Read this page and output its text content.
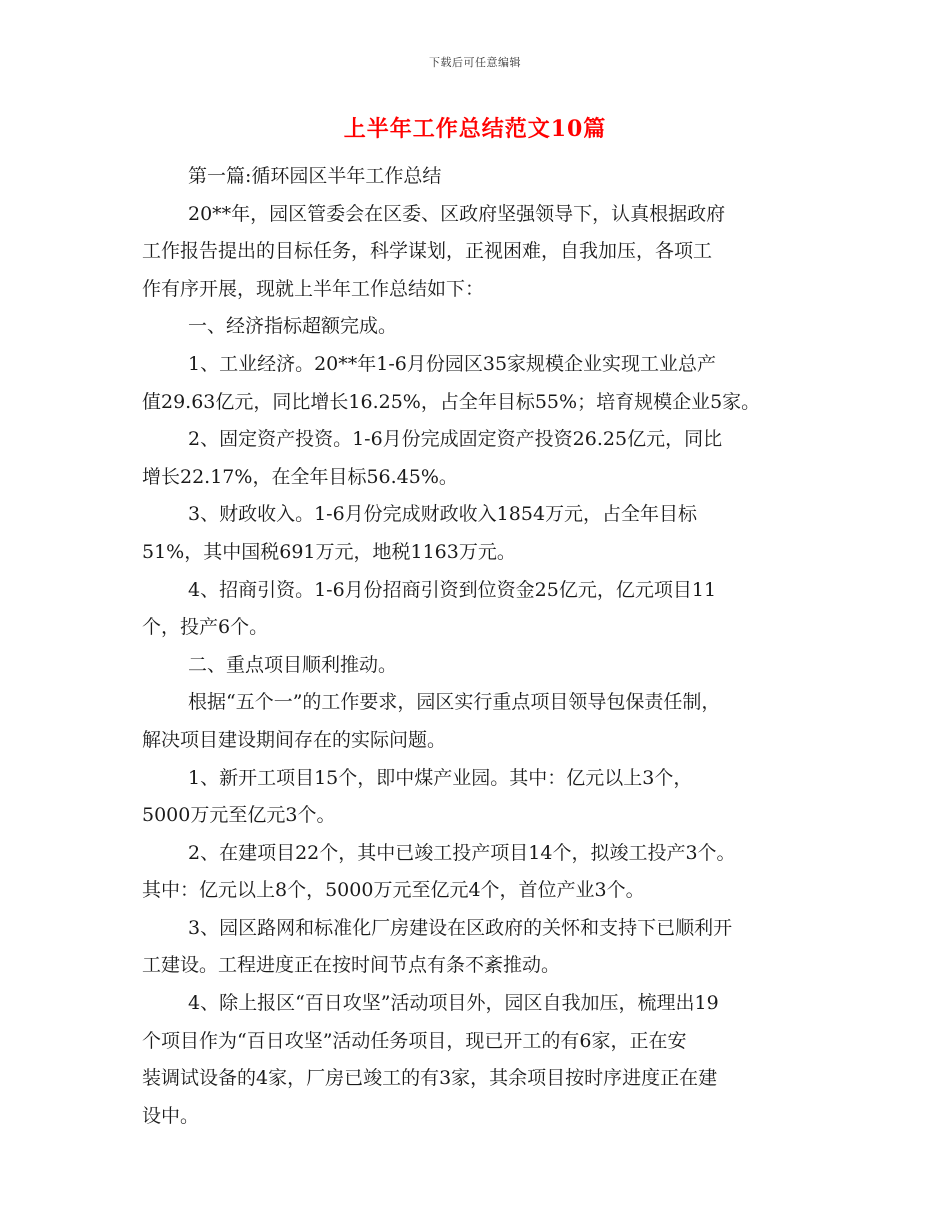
下载后可任意编辑
上半年工作总结范文10篇
第一篇:循环园区半年工作总结
20**年，园区管委会在区委、区政府坚强领导下，认真根据政府
工作报告提出的目标任务，科学谋划，正视困难，自我加压，各项工
作有序开展，现就上半年工作总结如下：
一、经济指标超额完成。
1、工业经济。20**年1-6月份园区35家规模企业实现工业总产
值29.63亿元，同比增长16.25%，占全年目标55%；培育规模企业5家。
2、固定资产投资。1-6月份完成固定资产投资26.25亿元，同比
增长22.17%，在全年目标56.45%。
3、财政收入。1-6月份完成财政收入1854万元，占全年目标
51%，其中国税691万元，地税1163万元。
4、招商引资。1-6月份招商引资到位资金25亿元，亿元项目11
个，投产6个。
二、重点项目顺利推动。
根据“五个一”的工作要求，园区实行重点项目领导包保责任制，
解决项目建设期间存在的实际问题。
1、新开工项目15个，即中煤产业园。其中：亿元以上3个，
5000万元至亿元3个。
2、在建项目22个，其中已竣工投产项目14个，拟竣工投产3个。
其中：亿元以上8个，5000万元至亿元4个，首位产业3个。
3、园区路网和标准化厂房建设在区政府的关怀和支持下已顺利开
工建设。工程进度正在按时间节点有条不紊推动。
4、除上报区“百日攻坚”活动项目外，园区自我加压，梳理出19
个项目作为“百日攻坚”活动任务项目，现已开工的有6家，正在安
装调试设备的4家，厂房已竣工的有3家，其余项目按时序进度正在建
设中。
